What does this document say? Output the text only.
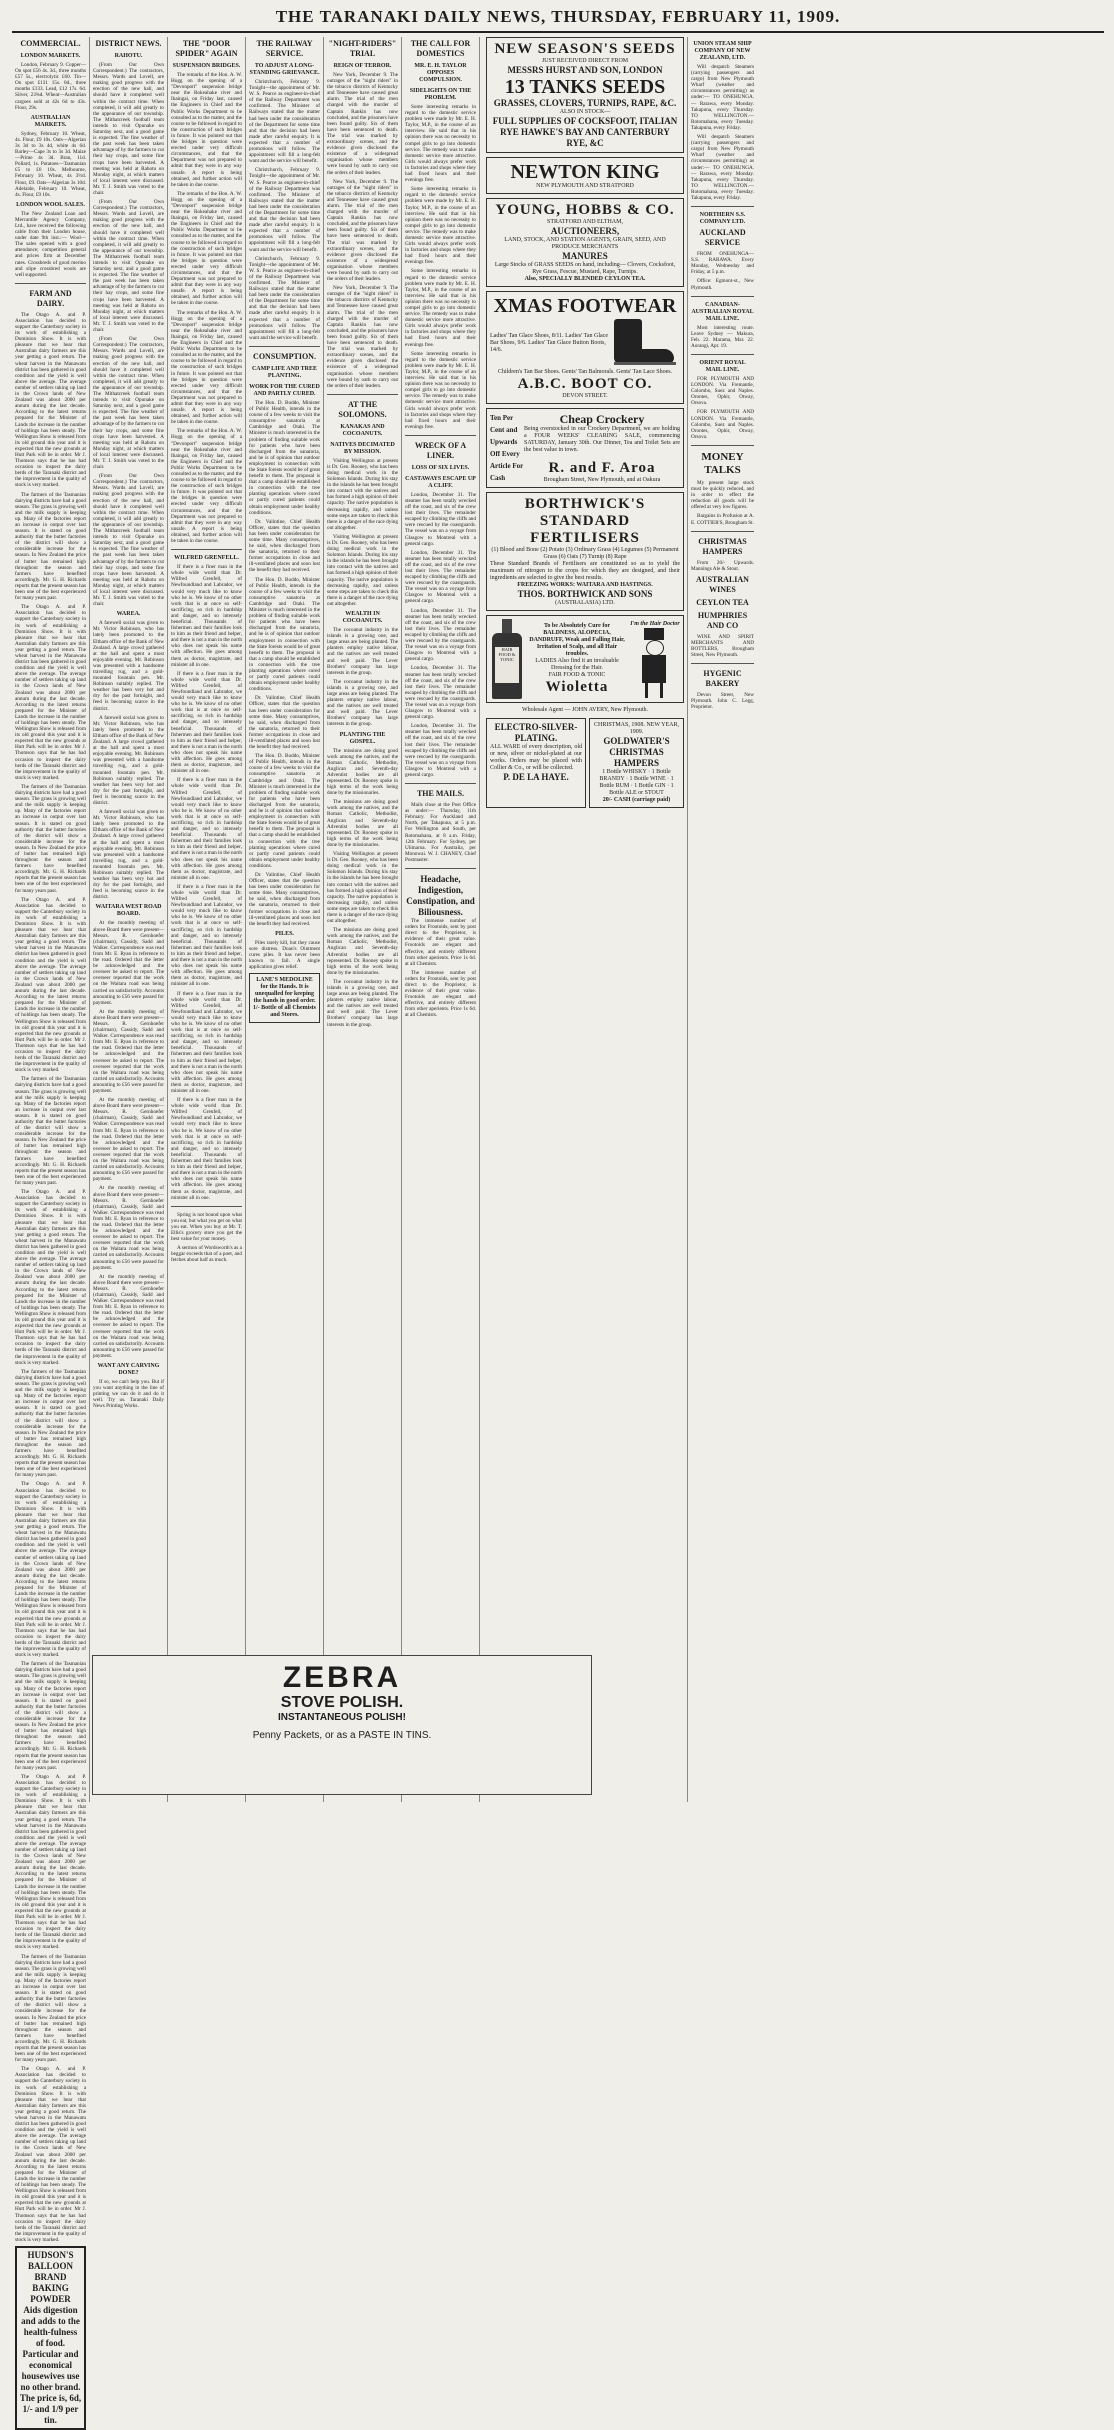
THE TARANAKI DAILY NEWS, THURSDAY, FEBRUARY 11, 1909.
COMMERCIAL.
LONDON MARKETS.

London, February 9. Copper—On spot £56 4s. 3d., three months £57 5s., electrolytic £60. Tin—On spot £131 15s. 0d., three months £133. Lead, £12 17s. 6d. Silver, 23¾d. Wheat—Australian cargoes sold at 42s 6d to 43s. Flour, 29s.

AUSTRALIAN MARKETS.

Sydney, February 10. Wheat, 4s. Flour, £9 10s. Oats—Algerian 3s 3d to 3s 4d, white 4s 6d. Barley—Cape 3s to 3s 3d. Maize—Prime 4s 3d. Bran, 11d. Pollard, 1s. Potatoes—Tasmanian £5 to £6 10s. Melbourne, February 10. Wheat, 4s 3½d. Flour, £9. Oats—Algerian 3s 10d. Adelaide, February 10. Wheat, 4s. Flour, £9 10s.

LONDON WOOL SALES.

The New Zealand Loan and Mercantile Agency Company, Ltd., have received the following cable from their London house, under date 9th inst.:— Wool—The sales opened with a good attendance; competition general and prices firm at December rates. Crossbreds of good merino and slipe crossbred wools are well supported.

FARM AND DAIRY.

The Otago A. and P. Association has decided to support the Canterbury society in its work of establishing a Dominion Show. It is with pleasure that we hear that Australian dairy farmers are this year getting a good return. The wheat harvest in the Manawatu district has been gathered in good condition and the yield is well above the average. The average number of settlers taking up land in the Crown lands of New Zealand was about 2000 per annum during the last decade. According to the latest returns prepared for the Minister of Lands the increase in the number of holdings has been steady. The Wellington Show is released from its old ground this year and it is expected that the new grounds at Hutt Park will be in order. Mr J. Thomson says that he has had occasion to inspect the dairy herds of the Taranaki district and the improvement in the quality of stock is very marked.

The farmers of the Tasmanian dairying districts have had a good season. The grass is growing well and the milk supply is keeping up. Many of the factories report an increase in output over last season. It is stated on good authority that the butter factories of the district will show a considerable increase for the season. In New Zealand the price of butter has remained high throughout the season and farmers have benefited accordingly. Mr. G. H. Richards reports that the present season has been one of the best experienced for many years past.

The Otago A. and P. Association has decided to support the Canterbury society in its work of establishing a Dominion Show. It is with pleasure that we hear that Australian dairy farmers are this year getting a good return. The wheat harvest in the Manawatu district has been gathered in good condition and the yield is well above the average. The average number of settlers taking up land in the Crown lands of New Zealand was about 2000 per annum during the last decade. According to the latest returns prepared for the Minister of Lands the increase in the number of holdings has been steady. The Wellington Show is released from its old ground this year and it is expected that the new grounds at Hutt Park will be in order. Mr J. Thomson says that he has had occasion to inspect the dairy herds of the Taranaki district and the improvement in the quality of stock is very marked.

The farmers of the Tasmanian dairying districts have had a good season. The grass is growing well and the milk supply is keeping up. Many of the factories report an increase in output over last season. It is stated on good authority that the butter factories of the district will show a considerable increase for the season. In New Zealand the price of butter has remained high throughout the season and farmers have benefited accordingly. Mr. G. H. Richards reports that the present season has been one of the best experienced for many years past.

The Otago A. and P. Association has decided to support the Canterbury society in its work of establishing a Dominion Show. It is with pleasure that we hear that Australian dairy farmers are this year getting a good return. The wheat harvest in the Manawatu district has been gathered in good condition and the yield is well above the average. The average number of settlers taking up land in the Crown lands of New Zealand was about 2000 per annum during the last decade. According to the latest returns prepared for the Minister of Lands the increase in the number of holdings has been steady. The Wellington Show is released from its old ground this year and it is expected that the new grounds at Hutt Park will be in order. Mr J. Thomson says that he has had occasion to inspect the dairy herds of the Taranaki district and the improvement in the quality of stock is very marked.

The farmers of the Tasmanian dairying districts have had a good season. The grass is growing well and the milk supply is keeping up. Many of the factories report an increase in output over last season. It is stated on good authority that the butter factories of the district will show a considerable increase for the season. In New Zealand the price of butter has remained high throughout the season and farmers have benefited accordingly. Mr. G. H. Richards reports that the present season has been one of the best experienced for many years past.

The Otago A. and P. Association has decided to support the Canterbury society in its work of establishing a Dominion Show. It is with pleasure that we hear that Australian dairy farmers are this year getting a good return. The wheat harvest in the Manawatu district has been gathered in good condition and the yield is well above the average. The average number of settlers taking up land in the Crown lands of New Zealand was about 2000 per annum during the last decade. According to the latest returns prepared for the Minister of Lands the increase in the number of holdings has been steady. The Wellington Show is released from its old ground this year and it is expected that the new grounds at Hutt Park will be in order. Mr J. Thomson says that he has had occasion to inspect the dairy herds of the Taranaki district and the improvement in the quality of stock is very marked.

The farmers of the Tasmanian dairying districts have had a good season. The grass is growing well and the milk supply is keeping up. Many of the factories report an increase in output over last season. It is stated on good authority that the butter factories of the district will show a considerable increase for the season. In New Zealand the price of butter has remained high throughout the season and farmers have benefited accordingly. Mr. G. H. Richards reports that the present season has been one of the best experienced for many years past.

The Otago A. and P. Association has decided to support the Canterbury society in its work of establishing a Dominion Show. It is with pleasure that we hear that Australian dairy farmers are this year getting a good return. The wheat harvest in the Manawatu district has been gathered in good condition and the yield is well above the average. The average number of settlers taking up land in the Crown lands of New Zealand was about 2000 per annum during the last decade. According to the latest returns prepared for the Minister of Lands the increase in the number of holdings has been steady. The Wellington Show is released from its old ground this year and it is expected that the new grounds at Hutt Park will be in order. Mr J. Thomson says that he has had occasion to inspect the dairy herds of the Taranaki district and the improvement in the quality of stock is very marked.

The farmers of the Tasmanian dairying districts have had a good season. The grass is growing well and the milk supply is keeping up. Many of the factories report an increase in output over last season. It is stated on good authority that the butter factories of the district will show a considerable increase for the season. In New Zealand the price of butter has remained high throughout the season and farmers have benefited accordingly. Mr. G. H. Richards reports that the present season has been one of the best experienced for many years past.

The Otago A. and P. Association has decided to support the Canterbury society in its work of establishing a Dominion Show. It is with pleasure that we hear that Australian dairy farmers are this year getting a good return. The wheat harvest in the Manawatu district has been gathered in good condition and the yield is well above the average. The average number of settlers taking up land in the Crown lands of New Zealand was about 2000 per annum during the last decade. According to the latest returns prepared for the Minister of Lands the increase in the number of holdings has been steady. The Wellington Show is released from its old ground this year and it is expected that the new grounds at Hutt Park will be in order. Mr J. Thomson says that he has had occasion to inspect the dairy herds of the Taranaki district and the improvement in the quality of stock is very marked.

The farmers of the Tasmanian dairying districts have had a good season. The grass is growing well and the milk supply is keeping up. Many of the factories report an increase in output over last season. It is stated on good authority that the butter factories of the district will show a considerable increase for the season. In New Zealand the price of butter has remained high throughout the season and farmers have benefited accordingly. Mr. G. H. Richards reports that the present season has been one of the best experienced for many years past.

The Otago A. and P. Association has decided to support the Canterbury society in its work of establishing a Dominion Show. It is with pleasure that we hear that Australian dairy farmers are this year getting a good return. The wheat harvest in the Manawatu district has been gathered in good condition and the yield is well above the average. The average number of settlers taking up land in the Crown lands of New Zealand was about 2000 per annum during the last decade. According to the latest returns prepared for the Minister of Lands the increase in the number of holdings has been steady. The Wellington Show is released from its old ground this year and it is expected that the new grounds at Hutt Park will be in order. Mr J. Thomson says that he has had occasion to inspect the dairy herds of the Taranaki district and the improvement in the quality of stock is very marked.

HUDSON'S BALLOON
BRAND BAKING POWDER
Aids digestion and adds to the health-fulness of food. Particular and economical housewives use no other brand. The price is, 6d, 1/- and 1/9 per tin.
DISTRICT NEWS.
RAHOTU.

(From Our Own Correspondent.) The contractors, Messrs. Wards and Lovell, are making good progress with the erection of the new hall, and should have it completed well within the contract time. When completed, it will add greatly to the appearance of our township. The Mithatcreek football team intends to visit Opunake on Saturday next, and a good game is expected. The fine weather of the past week has been taken advantage of by the farmers to cut their hay crops, and some fine crops have been harvested. A meeting was held at Rahotu on Monday night, at which matters of local interest were discussed. Mr. T. J. Smith was voted to the chair.

(From Our Own Correspondent.) The contractors, Messrs. Wards and Lovell, are making good progress with the erection of the new hall, and should have it completed well within the contract time. When completed, it will add greatly to the appearance of our township. The Mithatcreek football team intends to visit Opunake on Saturday next, and a good game is expected. The fine weather of the past week has been taken advantage of by the farmers to cut their hay crops, and some fine crops have been harvested. A meeting was held at Rahotu on Monday night, at which matters of local interest were discussed. Mr. T. J. Smith was voted to the chair.

(From Our Own Correspondent.) The contractors, Messrs. Wards and Lovell, are making good progress with the erection of the new hall, and should have it completed well within the contract time. When completed, it will add greatly to the appearance of our township. The Mithatcreek football team intends to visit Opunake on Saturday next, and a good game is expected. The fine weather of the past week has been taken advantage of by the farmers to cut their hay crops, and some fine crops have been harvested. A meeting was held at Rahotu on Monday night, at which matters of local interest were discussed. Mr. T. J. Smith was voted to the chair.

(From Our Own Correspondent.) The contractors, Messrs. Wards and Lovell, are making good progress with the erection of the new hall, and should have it completed well within the contract time. When completed, it will add greatly to the appearance of our township. The Mithatcreek football team intends to visit Opunake on Saturday next, and a good game is expected. The fine weather of the past week has been taken advantage of by the farmers to cut their hay crops, and some fine crops have been harvested. A meeting was held at Rahotu on Monday night, at which matters of local interest were discussed. Mr. T. J. Smith was voted to the chair.

WAREA.

A farewell social was given to Mr. Victor Robinson, who has lately been promoted to the Eltham office of the Bank of New Zealand. A large crowd gathered at the hall and spent a most enjoyable evening. Mr. Robinson was presented with a handsome travelling rug, and a gold-mounted fountain pen. Mr. Robinson suitably replied. The weather has been very hot and dry for the past fortnight, and feed is becoming scarce in the district.

A farewell social was given to Mr. Victor Robinson, who has lately been promoted to the Eltham office of the Bank of New Zealand. A large crowd gathered at the hall and spent a most enjoyable evening. Mr. Robinson was presented with a handsome travelling rug, and a gold-mounted fountain pen. Mr. Robinson suitably replied. The weather has been very hot and dry for the past fortnight, and feed is becoming scarce in the district.

A farewell social was given to Mr. Victor Robinson, who has lately been promoted to the Eltham office of the Bank of New Zealand. A large crowd gathered at the hall and spent a most enjoyable evening. Mr. Robinson was presented with a handsome travelling rug, and a gold-mounted fountain pen. Mr. Robinson suitably replied. The weather has been very hot and dry for the past fortnight, and feed is becoming scarce in the district.

WAITARA WEST ROAD BOARD.

At the monthly meeting of above Board there were present—Messrs. R. Gernhoefer (chairman), Cassidy, Sadd and Walker. Correspondence was read from Mr. E. Ryan in reference to the road. Ordered that the letter be acknowledged and the overseer be asked to report. The overseer reported that the work on the Waitara road was being carried on satisfactorily. Accounts amounting to £56 were passed for payment.

At the monthly meeting of above Board there were present—Messrs. R. Gernhoefer (chairman), Cassidy, Sadd and Walker. Correspondence was read from Mr. E. Ryan in reference to the road. Ordered that the letter be acknowledged and the overseer be asked to report. The overseer reported that the work on the Waitara road was being carried on satisfactorily. Accounts amounting to £56 were passed for payment.

At the monthly meeting of above Board there were present—Messrs. R. Gernhoefer (chairman), Cassidy, Sadd and Walker. Correspondence was read from Mr. E. Ryan in reference to the road. Ordered that the letter be acknowledged and the overseer be asked to report. The overseer reported that the work on the Waitara road was being carried on satisfactorily. Accounts amounting to £56 were passed for payment.

At the monthly meeting of above Board there were present—Messrs. R. Gernhoefer (chairman), Cassidy, Sadd and Walker. Correspondence was read from Mr. E. Ryan in reference to the road. Ordered that the letter be acknowledged and the overseer be asked to report. The overseer reported that the work on the Waitara road was being carried on satisfactorily. Accounts amounting to £56 were passed for payment.

At the monthly meeting of above Board there were present—Messrs. R. Gernhoefer (chairman), Cassidy, Sadd and Walker. Correspondence was read from Mr. E. Ryan in reference to the road. Ordered that the letter be acknowledged and the overseer be asked to report. The overseer reported that the work on the Waitara road was being carried on satisfactorily. Accounts amounting to £56 were passed for payment.

WANT ANY CARVING DONE?

If so, we can't help you. But if you want anything in the line of printing we can do it and do it well. Try us. Taranaki Daily News Printing Works.

THE "DOOR SPIDER" AGAIN
SUSPENSION BRIDGES.

The remarks of the Hon. A. W. Hogg on the opening of a "Devonport" suspension bridge near the Rokeahake river and Ihaingai, on Friday last, caused the Engineers in Chief and the Public Works Department to be consulted as to the matter, and the course to be followed in regard to the construction of such bridges in future. It was pointed out that the bridges in question were erected under very difficult circumstances, and that the Department was not prepared to admit that they were in any way unsafe. A report is being obtained, and further action will be taken in due course.

The remarks of the Hon. A. W. Hogg on the opening of a "Devonport" suspension bridge near the Rokeahake river and Ihaingai, on Friday last, caused the Engineers in Chief and the Public Works Department to be consulted as to the matter, and the course to be followed in regard to the construction of such bridges in future. It was pointed out that the bridges in question were erected under very difficult circumstances, and that the Department was not prepared to admit that they were in any way unsafe. A report is being obtained, and further action will be taken in due course.

The remarks of the Hon. A. W. Hogg on the opening of a "Devonport" suspension bridge near the Rokeahake river and Ihaingai, on Friday last, caused the Engineers in Chief and the Public Works Department to be consulted as to the matter, and the course to be followed in regard to the construction of such bridges in future. It was pointed out that the bridges in question were erected under very difficult circumstances, and that the Department was not prepared to admit that they were in any way unsafe. A report is being obtained, and further action will be taken in due course.

The remarks of the Hon. A. W. Hogg on the opening of a "Devonport" suspension bridge near the Rokeahake river and Ihaingai, on Friday last, caused the Engineers in Chief and the Public Works Department to be consulted as to the matter, and the course to be followed in regard to the construction of such bridges in future. It was pointed out that the bridges in question were erected under very difficult circumstances, and that the Department was not prepared to admit that they were in any way unsafe. A report is being obtained, and further action will be taken in due course.

WILFRED GRENFELL.

If there is a finer man in the whole wide world than Dr. Wilfred Grenfell, of Newfoundland and Labrador, we would very much like to know who he is. We know of no other work that is at once so self-sacrificing, so rich in hardship and danger, and so intensely beneficial. Thousands of fishermen and their families look to him as their friend and helper, and there is not a man in the north who does not speak his name with affection. He goes among them as doctor, magistrate, and minister all in one.

If there is a finer man in the whole wide world than Dr. Wilfred Grenfell, of Newfoundland and Labrador, we would very much like to know who he is. We know of no other work that is at once so self-sacrificing, so rich in hardship and danger, and so intensely beneficial. Thousands of fishermen and their families look to him as their friend and helper, and there is not a man in the north who does not speak his name with affection. He goes among them as doctor, magistrate, and minister all in one.

If there is a finer man in the whole wide world than Dr. Wilfred Grenfell, of Newfoundland and Labrador, we would very much like to know who he is. We know of no other work that is at once so self-sacrificing, so rich in hardship and danger, and so intensely beneficial. Thousands of fishermen and their families look to him as their friend and helper, and there is not a man in the north who does not speak his name with affection. He goes among them as doctor, magistrate, and minister all in one.

If there is a finer man in the whole wide world than Dr. Wilfred Grenfell, of Newfoundland and Labrador, we would very much like to know who he is. We know of no other work that is at once so self-sacrificing, so rich in hardship and danger, and so intensely beneficial. Thousands of fishermen and their families look to him as their friend and helper, and there is not a man in the north who does not speak his name with affection. He goes among them as doctor, magistrate, and minister all in one.

If there is a finer man in the whole wide world than Dr. Wilfred Grenfell, of Newfoundland and Labrador, we would very much like to know who he is. We know of no other work that is at once so self-sacrificing, so rich in hardship and danger, and so intensely beneficial. Thousands of fishermen and their families look to him as their friend and helper, and there is not a man in the north who does not speak his name with affection. He goes among them as doctor, magistrate, and minister all in one.

If there is a finer man in the whole wide world than Dr. Wilfred Grenfell, of Newfoundland and Labrador, we would very much like to know who he is. We know of no other work that is at once so self-sacrificing, so rich in hardship and danger, and so intensely beneficial. Thousands of fishermen and their families look to him as their friend and helper, and there is not a man in the north who does not speak his name with affection. He goes among them as doctor, magistrate, and minister all in one.

Spring is not bound upon what you eat, but what you get on what you eat. When you buy at Mr. T. Ellis's grocery store you get the best value for your money.

A sermon of Wordsworth's as a beggar exceeds that of a poet, and fetches about half as much.

THE RAILWAY SERVICE.
TO ADJUST A LONG-STANDING GRIEVANCE.

Christchurch, February 9. Tonight—the appointment of Mr. W. S. Pearce as engineer-in-chief of the Railway Department was confirmed. The Minister of Railways stated that the matter had been under the consideration of the Department for some time and that the decision had been made after careful enquiry. It is expected that a number of promotions will follow. The appointment will fill a long-felt want and the service will benefit.

Christchurch, February 9. Tonight—the appointment of Mr. W. S. Pearce as engineer-in-chief of the Railway Department was confirmed. The Minister of Railways stated that the matter had been under the consideration of the Department for some time and that the decision had been made after careful enquiry. It is expected that a number of promotions will follow. The appointment will fill a long-felt want and the service will benefit.

Christchurch, February 9. Tonight—the appointment of Mr. W. S. Pearce as engineer-in-chief of the Railway Department was confirmed. The Minister of Railways stated that the matter had been under the consideration of the Department for some time and that the decision had been made after careful enquiry. It is expected that a number of promotions will follow. The appointment will fill a long-felt want and the service will benefit.

CONSUMPTION.
CAMP LIFE AND TREE PLANTING.
WORK FOR THE CURED AND PARTLY CURED.

The Hon. D. Buddo, Minister of Public Health, intends in the course of a few weeks to visit the consumptive sanatoria at Cambridge and Otaki. The Minister is much interested in the problem of finding suitable work for patients who have been discharged from the sanatoria, and he is of opinion that outdoor employment in connection with the State forests would be of great benefit to them. The proposal is that a camp should be established in connection with the tree planting operations where cured or partly cured patients could obtain employment under healthy conditions.

Dr. Valintine, Chief Health Officer, states that the question has been under consideration for some time. Many consumptives, he said, when discharged from the sanatoria, returned to their former occupations in close and ill-ventilated places and soon lost the benefit they had received.

The Hon. D. Buddo, Minister of Public Health, intends in the course of a few weeks to visit the consumptive sanatoria at Cambridge and Otaki. The Minister is much interested in the problem of finding suitable work for patients who have been discharged from the sanatoria, and he is of opinion that outdoor employment in connection with the State forests would be of great benefit to them. The proposal is that a camp should be established in connection with the tree planting operations where cured or partly cured patients could obtain employment under healthy conditions.

Dr. Valintine, Chief Health Officer, states that the question has been under consideration for some time. Many consumptives, he said, when discharged from the sanatoria, returned to their former occupations in close and ill-ventilated places and soon lost the benefit they had received.

The Hon. D. Buddo, Minister of Public Health, intends in the course of a few weeks to visit the consumptive sanatoria at Cambridge and Otaki. The Minister is much interested in the problem of finding suitable work for patients who have been discharged from the sanatoria, and he is of opinion that outdoor employment in connection with the State forests would be of great benefit to them. The proposal is that a camp should be established in connection with the tree planting operations where cured or partly cured patients could obtain employment under healthy conditions.

Dr. Valintine, Chief Health Officer, states that the question has been under consideration for some time. Many consumptives, he said, when discharged from the sanatoria, returned to their former occupations in close and ill-ventilated places and soon lost the benefit they had received.

PILES.

Piles rarely kill, but they cause sore distress. Doan's Ointment cures piles. It has never been known to fail. A single application gives relief.

LANE'S MEDOLINE for the Hands. It is unequalled for keeping the hands in good order. 1/- Bottle of all Chemists and Stores.
"NIGHT-RIDERS" TRIAL
REIGN OF TERROR.

New York, December 9. The outrages of the "night riders" in the tobacco districts of Kentucky and Tennessee have caused great alarm. The trial of the men charged with the murder of Captain Rankin has now concluded, and the prisoners have been found guilty. Six of them have been sentenced to death. The trial was marked by extraordinary scenes, and the evidence given disclosed the existence of a widespread organisation whose members were bound by oath to carry out the orders of their leaders.

New York, December 9. The outrages of the "night riders" in the tobacco districts of Kentucky and Tennessee have caused great alarm. The trial of the men charged with the murder of Captain Rankin has now concluded, and the prisoners have been found guilty. Six of them have been sentenced to death. The trial was marked by extraordinary scenes, and the evidence given disclosed the existence of a widespread organisation whose members were bound by oath to carry out the orders of their leaders.

New York, December 9. The outrages of the "night riders" in the tobacco districts of Kentucky and Tennessee have caused great alarm. The trial of the men charged with the murder of Captain Rankin has now concluded, and the prisoners have been found guilty. Six of them have been sentenced to death. The trial was marked by extraordinary scenes, and the evidence given disclosed the existence of a widespread organisation whose members were bound by oath to carry out the orders of their leaders.

AT THE SOLOMONS.
KANAKAS AND COCOANUTS.
NATIVES DECIMATED BY MISSION.

Visiting Wellington at present is Dr. Geo. Rooney, who has been doing medical work in the Solomon Islands. During his stay in the islands he has been brought into contact with the natives and has formed a high opinion of their capacity. The native population is decreasing rapidly, and unless some steps are taken to check this there is a danger of the race dying out altogether.

Visiting Wellington at present is Dr. Geo. Rooney, who has been doing medical work in the Solomon Islands. During his stay in the islands he has been brought into contact with the natives and has formed a high opinion of their capacity. The native population is decreasing rapidly, and unless some steps are taken to check this there is a danger of the race dying out altogether.

WEALTH IN COCOANUTS.

The cocoanut industry in the islands is a growing one, and large areas are being planted. The planters employ native labour, and the natives are well treated and well paid. The Lever Brothers' company has large interests in the group.

The cocoanut industry in the islands is a growing one, and large areas are being planted. The planters employ native labour, and the natives are well treated and well paid. The Lever Brothers' company has large interests in the group.

PLANTING THE GOSPEL.

The missions are doing good work among the natives, and the Roman Catholic, Methodist, Anglican and Seventh-day Adventist bodies are all represented. Dr. Rooney spoke in high terms of the work being done by the missionaries.

The missions are doing good work among the natives, and the Roman Catholic, Methodist, Anglican and Seventh-day Adventist bodies are all represented. Dr. Rooney spoke in high terms of the work being done by the missionaries.

Visiting Wellington at present is Dr. Geo. Rooney, who has been doing medical work in the Solomon Islands. During his stay in the islands he has been brought into contact with the natives and has formed a high opinion of their capacity. The native population is decreasing rapidly, and unless some steps are taken to check this there is a danger of the race dying out altogether.

The missions are doing good work among the natives, and the Roman Catholic, Methodist, Anglican and Seventh-day Adventist bodies are all represented. Dr. Rooney spoke in high terms of the work being done by the missionaries.

The cocoanut industry in the islands is a growing one, and large areas are being planted. The planters employ native labour, and the natives are well treated and well paid. The Lever Brothers' company has large interests in the group.

THE CALL FOR DOMESTICS
MR. E. H. TAYLOR OPPOSES COMPULSION.
SIDELIGHTS ON THE PROBLEM.

Some interesting remarks in regard to the domestic service problem were made by Mr. E. H. Taylor, M.P., in the course of an interview. He said that in his opinion there was no necessity to compel girls to go into domestic service. The remedy was to make domestic service more attractive. Girls would always prefer work in factories and shops where they had fixed hours and their evenings free.

Some interesting remarks in regard to the domestic service problem were made by Mr. E. H. Taylor, M.P., in the course of an interview. He said that in his opinion there was no necessity to compel girls to go into domestic service. The remedy was to make domestic service more attractive. Girls would always prefer work in factories and shops where they had fixed hours and their evenings free.

Some interesting remarks in regard to the domestic service problem were made by Mr. E. H. Taylor, M.P., in the course of an interview. He said that in his opinion there was no necessity to compel girls to go into domestic service. The remedy was to make domestic service more attractive. Girls would always prefer work in factories and shops where they had fixed hours and their evenings free.

Some interesting remarks in regard to the domestic service problem were made by Mr. E. H. Taylor, M.P., in the course of an interview. He said that in his opinion there was no necessity to compel girls to go into domestic service. The remedy was to make domestic service more attractive. Girls would always prefer work in factories and shops where they had fixed hours and their evenings free.

WRECK OF A LINER.
LOSS OF SIX LIVES.
CASTAWAYS ESCAPE UP A CLIFF.

London, December 31. The steamer has been totally wrecked off the coast, and six of the crew lost their lives. The remainder escaped by climbing the cliffs and were rescued by the coastguards. The vessel was on a voyage from Glasgow to Montreal with a general cargo.

London, December 31. The steamer has been totally wrecked off the coast, and six of the crew lost their lives. The remainder escaped by climbing the cliffs and were rescued by the coastguards. The vessel was on a voyage from Glasgow to Montreal with a general cargo.

London, December 31. The steamer has been totally wrecked off the coast, and six of the crew lost their lives. The remainder escaped by climbing the cliffs and were rescued by the coastguards. The vessel was on a voyage from Glasgow to Montreal with a general cargo.

London, December 31. The steamer has been totally wrecked off the coast, and six of the crew lost their lives. The remainder escaped by climbing the cliffs and were rescued by the coastguards. The vessel was on a voyage from Glasgow to Montreal with a general cargo.

London, December 31. The steamer has been totally wrecked off the coast, and six of the crew lost their lives. The remainder escaped by climbing the cliffs and were rescued by the coastguards. The vessel was on a voyage from Glasgow to Montreal with a general cargo.

THE MAILS.

Mails close at the Post Office as under:— Thursday, 11th February. For Auckland and North, per Takapuna, at 5 p.m. For Wellington and South, per Rotomahana, at 8 a.m. Friday, 12th February. For Sydney, per Ulimaroa. For Australia, per Monowai. W. J. CHANEY, Chief Postmaster.

Headache, Indigestion, Constipation, and Biliousness.

The immense number of orders for Frootoids, sent by post direct to the Proprietor, is evidence of their great value. Frootoids are elegant and effective, and entirely different from other aperients. Price 1s 6d. at all Chemists.

The immense number of orders for Frootoids, sent by post direct to the Proprietor, is evidence of their great value. Frootoids are elegant and effective, and entirely different from other aperients. Price 1s 6d. at all Chemists.

NEW SEASON'S SEEDS
JUST RECEIVED DIRECT FROM
MESSRS HURST AND SON, LONDON
13 TANKS SEEDS
GRASSES, CLOVERS, TURNIPS, RAPE, &C.
ALSO IN STOCK—
FULL SUPPLIES OF COCKSFOOT, ITALIAN RYE HAWKE'S BAY AND CANTERBURY RYE, &C
NEWTON KING
NEW PLYMOUTH AND STRATFORD
YOUNG, HOBBS & CO.
STRATFORD AND ELTHAM,
AUCTIONEERS,
LAND, STOCK, AND STATION AGENTS, GRAIN, SEED, AND PRODUCE MERCHANTS
MANURES
Large Stocks of GRASS SEEDS on hand, including— Clovers, Cocksfoot, Rye Grass, Fescue, Mustard, Rape, Turnips.
Also, SPECIALLY BLENDED CEYLON TEA.
XMAS FOOTWEAR
Ladies' Tan Glace Shoes, 8/11. Ladies' Tan Glace Bar Shoes, 9/6. Ladies' Tan Glace Button Boots, 14/6.
Children's Tan Bar Shoes. Gents' Tan Balmorals. Gents' Tan Lace Shoes.
A.B.C. BOOT CO.
DEVON STREET.
Ten Per Cent and Upwards Off Every Article For Cash
Cheap Crockery
Being overstocked in our Crockery Department, we are holding a FOUR WEEKS' CLEARING SALE, commencing SATURDAY, January 30th. Our Dinner, Tea and Toilet Sets are the best value in town.
R. and F. Aroa
Brougham Street, New Plymouth, and at Oakura
BORTHWICK'S
STANDARD FERTILISERS
(1) Blood and Bone (2) Potato (3) Ordinary Grass (4) Legumes (5) Permanent Grass (6) Oats (7) Turnip (8) Rape
These Standard Brands of Fertilisers are constituted so as to yield the maximum of nitrogen to the crops for which they are designed, and their ingredients are selected to give the best results.
FREEZING WORKS: WAITARA AND HASTINGS.
THOS. BORTHWICK AND SONS
(AUSTRALASIA) LTD.
HAIR FOOD & TONIC
To be Absolutely Cure for BALDNESS, ALOPECIA, DANDRUFF, Weak and Falling Hair, Irritation of Scalp, and all Hair troubles.
LADIES Also find it an invaluable Dressing for the Hair.
FAIR FOOD & TONIC
Wioletta
I'm the Hair Doctor
Wholesale Agent — JOHN AVERY, New Plymouth.
ELECTRO-SILVER-PLATING.
ALL WARE of every description, old or new, silver or nickel-plated at our works. Orders may be placed with Collier & Co., or will be collected.
P. DE LA HAYE.
CHRISTMAS, 1908. NEW YEAR, 1909.
GOLDWATER'S
CHRISTMAS HAMPERS
1 Bottle WHISKY · 1 Bottle BRANDY · 1 Bottle WINE · 1 Bottle RUM · 1 Bottle GIN · 1 Bottle ALE or STOUT
20/- CASH (carriage paid)
UNION STEAM SHIP COMPANY OF NEW ZEALAND, LTD.

Will despatch Steamers (carrying passengers and cargo) from New Plymouth Wharf (weather and circumstances permitting) as under:— TO ONEHUNGA.— Rarawa, every Monday. Takapuna, every Thursday. TO WELLINGTON.— Rotomahana, every Tuesday. Takapuna, every Friday.

Will despatch Steamers (carrying passengers and cargo) from New Plymouth Wharf (weather and circumstances permitting) as under:— TO ONEHUNGA.— Rarawa, every Monday. Takapuna, every Thursday. TO WELLINGTON.— Rotomahana, every Tuesday. Takapuna, every Friday.

NORTHERN S.S. COMPANY LTD.
AUCKLAND SERVICE

FROM ONEHUNGA— S.S. RARAWA. Every Monday, Wednesday and Friday, at 5 p.m.

Office: Egmont-st., New Plymouth.

CANADIAN-AUSTRALIAN ROYAL MAIL LINE.

Most interesting route. Leave Sydney — Makura, Feb. 22. Marama, Mar. 22. Aorangi, Apr. 19.

ORIENT ROYAL MAIL LINE.

FOR PLYMOUTH AND LONDON. Via Fremantle, Colombo, Suez and Naples. Orontes, Ophir, Otway, Orsova.

FOR PLYMOUTH AND LONDON. Via Fremantle, Colombo, Suez and Naples. Orontes, Ophir, Otway, Orsova.

MONEY TALKS

My present large stock must be quickly reduced, and in order to effect the reduction all goods will be offered at very low figures.

Bargains in Profusion at A. E. COTTIER'S, Brougham St.

CHRISTMAS HAMPERS

From 20/- Upwards. Mannings Ale & Stout.

AUSTRALIAN WINES
CEYLON TEA
HUMPHRIES AND CO

WINE AND SPIRIT MERCHANTS AND BOTTLERS, Brougham Street, New Plymouth.

HYGENIC BAKERY

Devon Street, New Plymouth. John C. Legg, Proprietor.

ZEBRA
STOVE POLISH.
INSTANTANEOUS POLISH!
Penny Packets, or as a PASTE IN TINS.
